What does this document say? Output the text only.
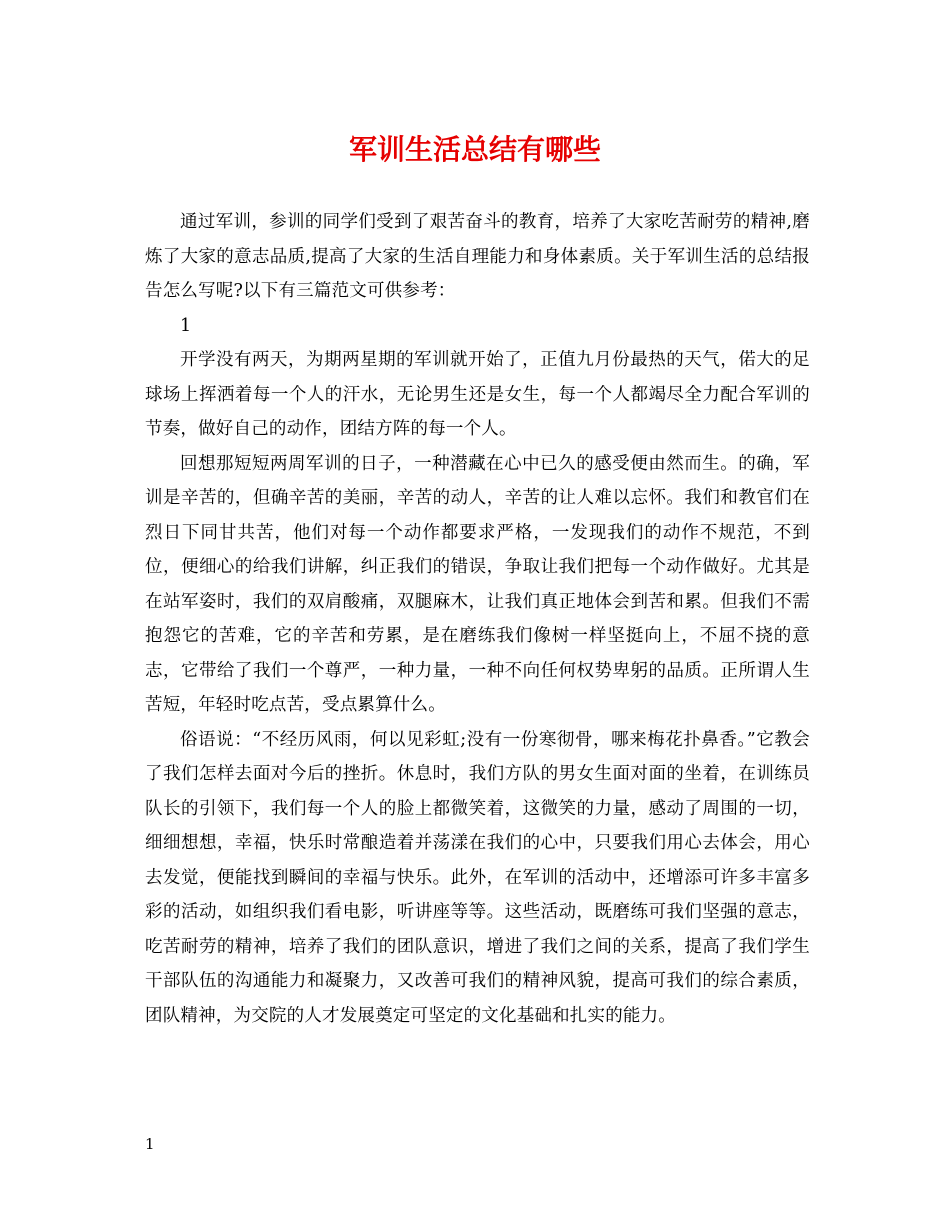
军训生活总结有哪些

通过军训，参训的同学们受到了艰苦奋斗的教育，培养了大家吃苦耐劳的精神,磨炼了大家的意志品质,提高了大家的生活自理能力和身体素质。关于军训生活的总结报告怎么写呢?以下有三篇范文可供参考：

1

开学没有两天，为期两星期的军训就开始了，正值九月份最热的天气，偌大的足球场上挥洒着每一个人的汗水，无论男生还是女生，每一个人都竭尽全力配合军训的节奏，做好自己的动作，团结方阵的每一个人。

回想那短短两周军训的日子，一种潜藏在心中已久的感受便由然而生。的确，军训是辛苦的，但确辛苦的美丽，辛苦的动人，辛苦的让人难以忘怀。我们和教官们在烈日下同甘共苦，他们对每一个动作都要求严格，一发现我们的动作不规范，不到位，便细心的给我们讲解，纠正我们的错误，争取让我们把每一个动作做好。尤其是在站军姿时，我们的双肩酸痛，双腿麻木，让我们真正地体会到苦和累。但我们不需抱怨它的苦难，它的辛苦和劳累，是在磨练我们像树一样坚挺向上，不屈不挠的意志，它带给了我们一个尊严，一种力量，一种不向任何权势卑躬的品质。正所谓人生苦短，年轻时吃点苦，受点累算什么。

俗语说：“不经历风雨，何以见彩虹;没有一份寒彻骨，哪来梅花扑鼻香。”它教会了我们怎样去面对今后的挫折。休息时，我们方队的男女生面对面的坐着，在训练员队长的引领下，我们每一个人的脸上都微笑着，这微笑的力量，感动了周围的一切，细细想想，幸福，快乐时常酿造着并荡漾在我们的心中，只要我们用心去体会，用心去发觉，便能找到瞬间的幸福与快乐。此外，在军训的活动中，还增添可许多丰富多彩的活动，如组织我们看电影，听讲座等等。这些活动，既磨练可我们坚强的意志，吃苦耐劳的精神，培养了我们的团队意识，增进了我们之间的关系，提高了我们学生干部队伍的沟通能力和凝聚力，又改善可我们的精神风貌，提高可我们的综合素质，团队精神，为交院的人才发展奠定可坚定的文化基础和扎实的能力。

1
